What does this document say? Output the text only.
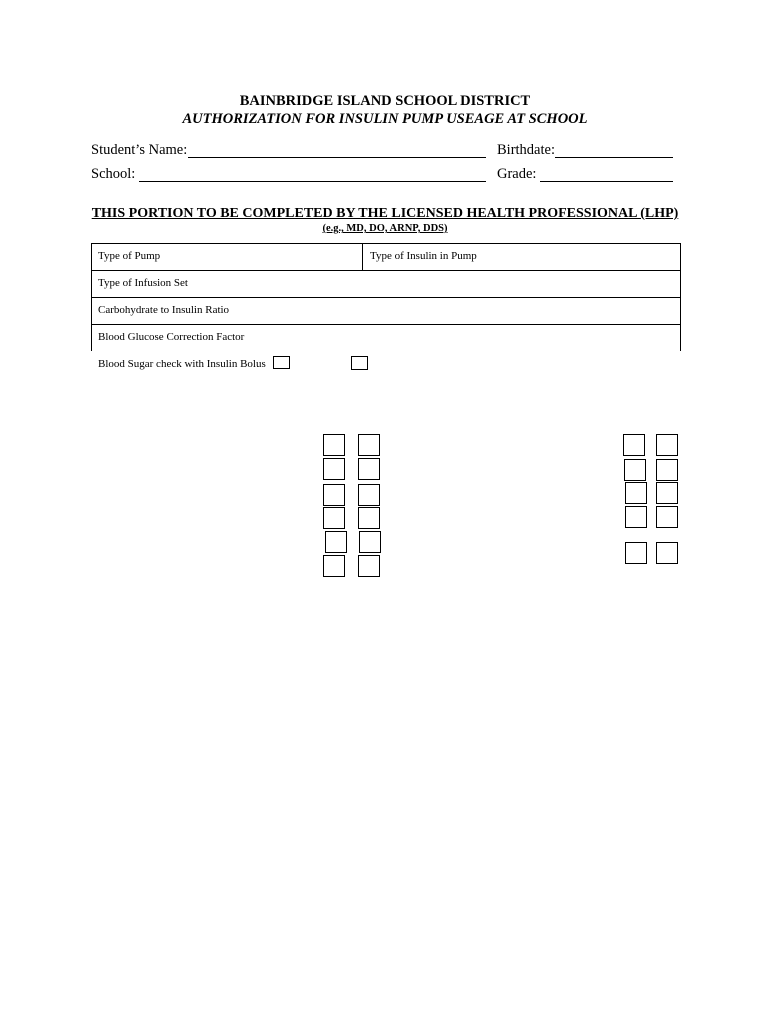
BAINBRIDGE ISLAND SCHOOL DISTRICT
AUTHORIZATION FOR INSULIN PUMP USEAGE AT SCHOOL
Student’s Name:	Birthdate:
School:	Grade:
THIS PORTION TO BE COMPLETED BY THE LICENSED HEALTH PROFESSIONAL (LHP)
(e.g., MD, DO, ARNP, DDS)
Type of Pump	Type of Insulin in Pump
Type of Infusion Set
Carbohydrate to Insulin Ratio
Blood Glucose Correction Factor
Blood Sugar check with Insulin Bolus
